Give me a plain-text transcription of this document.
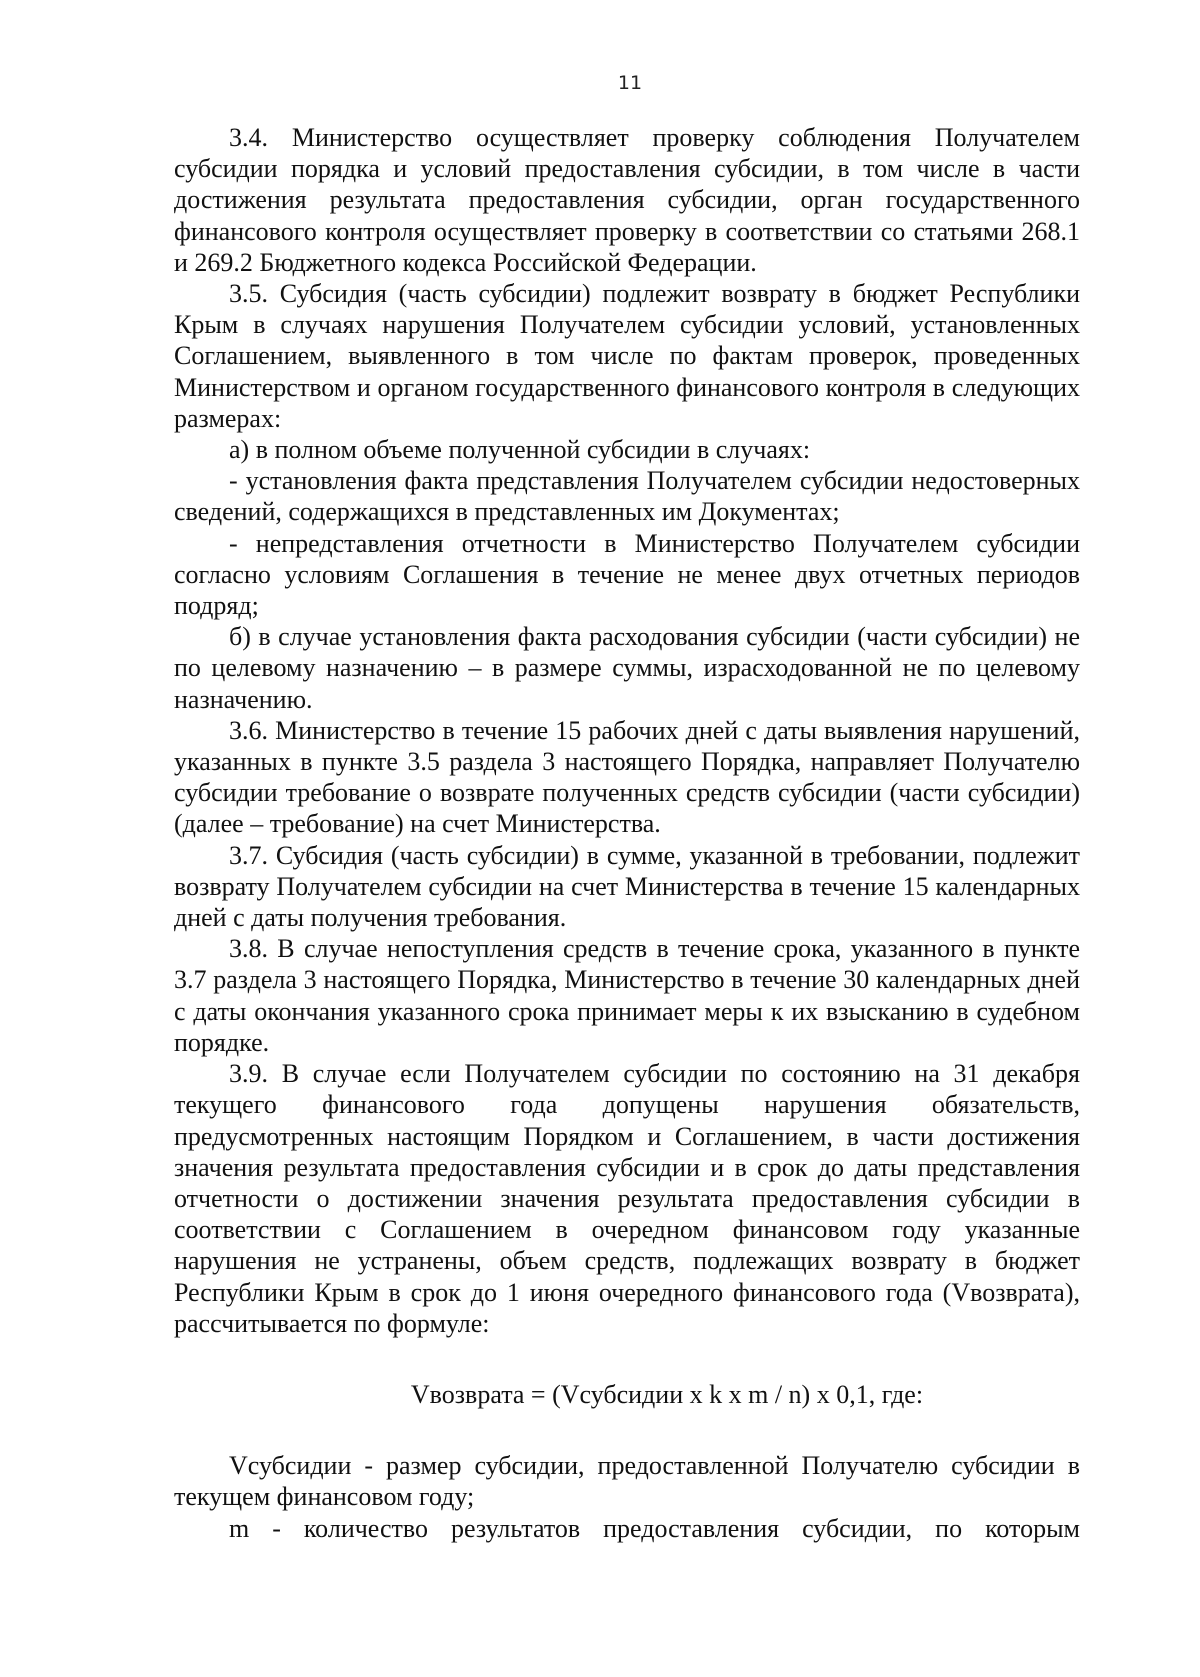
11

3.4. Министерство осуществляет проверку соблюдения Получателем субсидии порядка и условий предоставления субсидии, в том числе в части достижения результата предоставления субсидии, орган государственного финансового контроля осуществляет проверку в соответствии со статьями 268.1 и 269.2 Бюджетного кодекса Российской Федерации.

3.5. Субсидия (часть субсидии) подлежит возврату в бюджет Республики Крым в случаях нарушения Получателем субсидии условий, установленных Соглашением, выявленного в том числе по фактам проверок, проведенных Министерством и органом государственного финансового контроля в следующих размерах:

а) в полном объеме полученной субсидии в случаях:

- установления факта представления Получателем субсидии недостоверных сведений, содержащихся в представленных им Документах;

- непредставления отчетности в Министерство Получателем субсидии согласно условиям Соглашения в течение не менее двух отчетных периодов подряд;

б) в случае установления факта расходования субсидии (части субсидии) не по целевому назначению – в размере суммы, израсходованной не по целевому назначению.

3.6. Министерство в течение 15 рабочих дней с даты выявления нарушений, указанных в пункте 3.5 раздела 3 настоящего Порядка, направляет Получателю субсидии требование о возврате полученных средств субсидии (части субсидии) (далее – требование) на счет Министерства.

3.7. Субсидия (часть субсидии) в сумме, указанной в требовании, подлежит возврату Получателем субсидии на счет Министерства в течение 15 календарных дней с даты получения требования.

3.8. В случае непоступления средств в течение срока, указанного в пункте 3.7 раздела 3 настоящего Порядка, Министерство в течение 30 календарных дней с даты окончания указанного срока принимает меры к их взысканию в судебном порядке.

3.9. В случае если Получателем субсидии по состоянию на 31 декабря текущего финансового года допущены нарушения обязательств, предусмотренных настоящим Порядком и Соглашением, в части достижения значения результата предоставления субсидии и в срок до даты представления отчетности о достижении значения результата предоставления субсидии в соответствии с Соглашением в очередном финансовом году указанные нарушения не устранены, объем средств, подлежащих возврату в бюджет Республики Крым в срок до 1 июня очередного финансового года (Vвозврата), рассчитывается по формуле:

Vвозврата = (Vсубсидии x k x m / n) x 0,1, где:

Vсубсидии - размер субсидии, предоставленной Получателю субсидии в текущем финансовом году;

m - количество результатов предоставления субсидии, по которым
